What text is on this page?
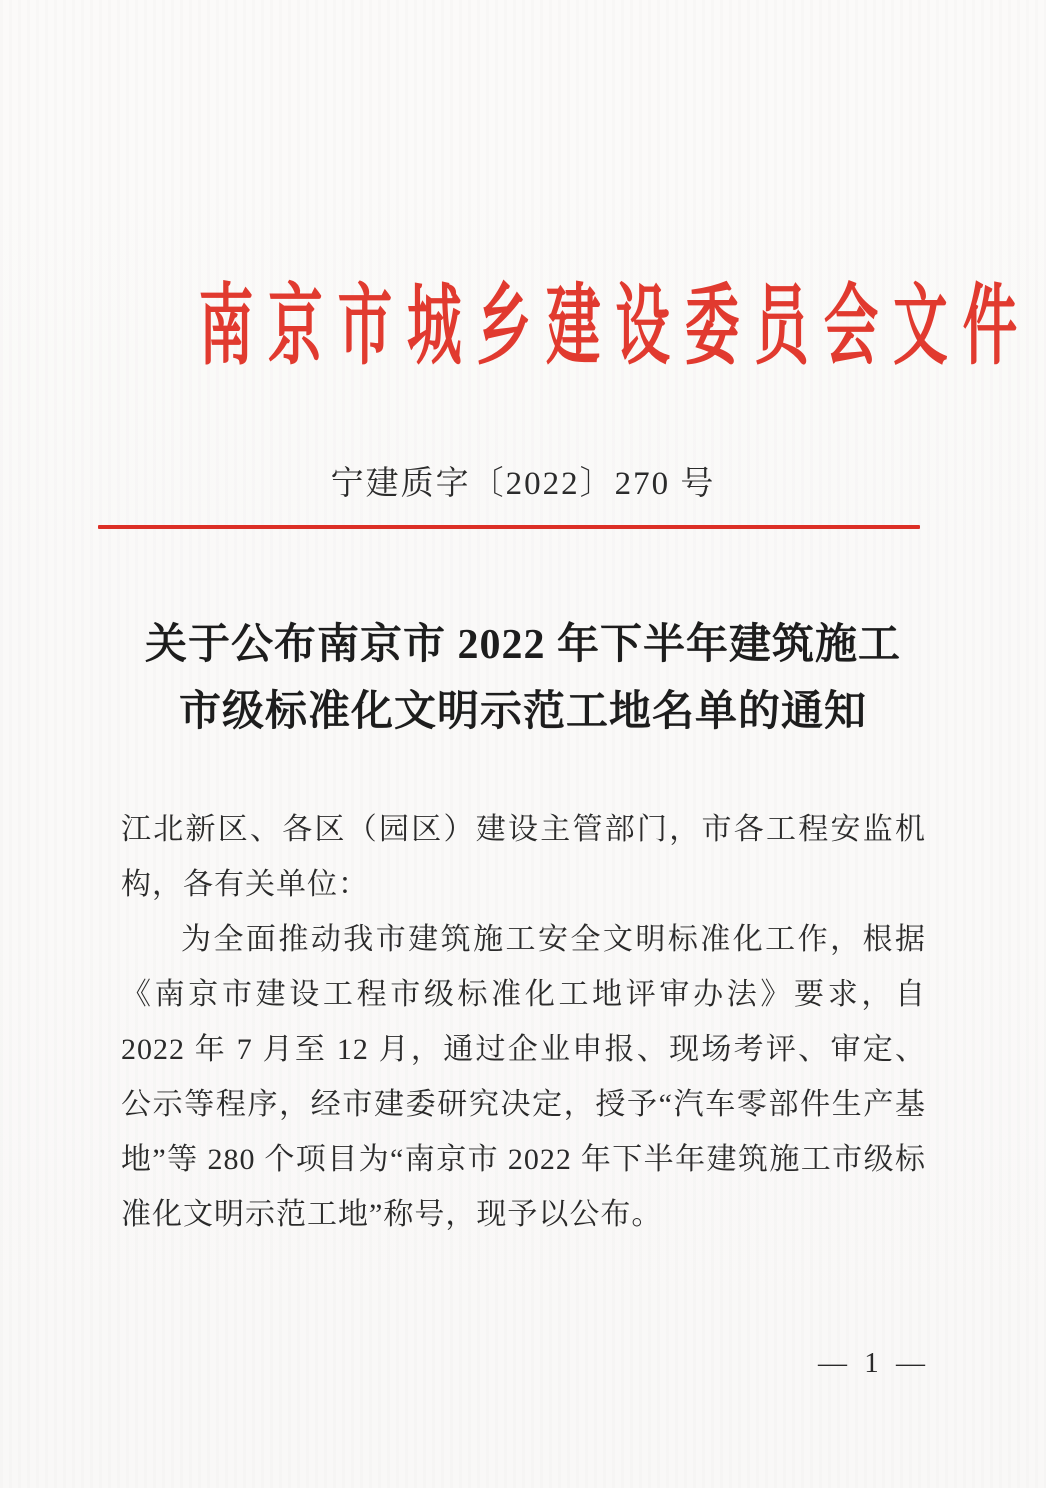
南京市城乡建设委员会文件
宁建质字〔2022〕270 号
关于公布南京市 2022 年下半年建筑施工
市级标准化文明示范工地名单的通知

江北新区、各区（园区）建设主管部门，市各工程安监机构，各有关单位：

为全面推动我市建筑施工安全文明标准化工作，根据《南京市建设工程市级标准化工地评审办法》要求，自 2022 年 7 月至 12 月，通过企业申报、现场考评、审定、公示等程序，经市建委研究决定，授予“汽车零部件生产基地”等 280 个项目为“南京市 2022 年下半年建筑施工市级标准化文明示范工地”称号，现予以公布。

— 1 —
